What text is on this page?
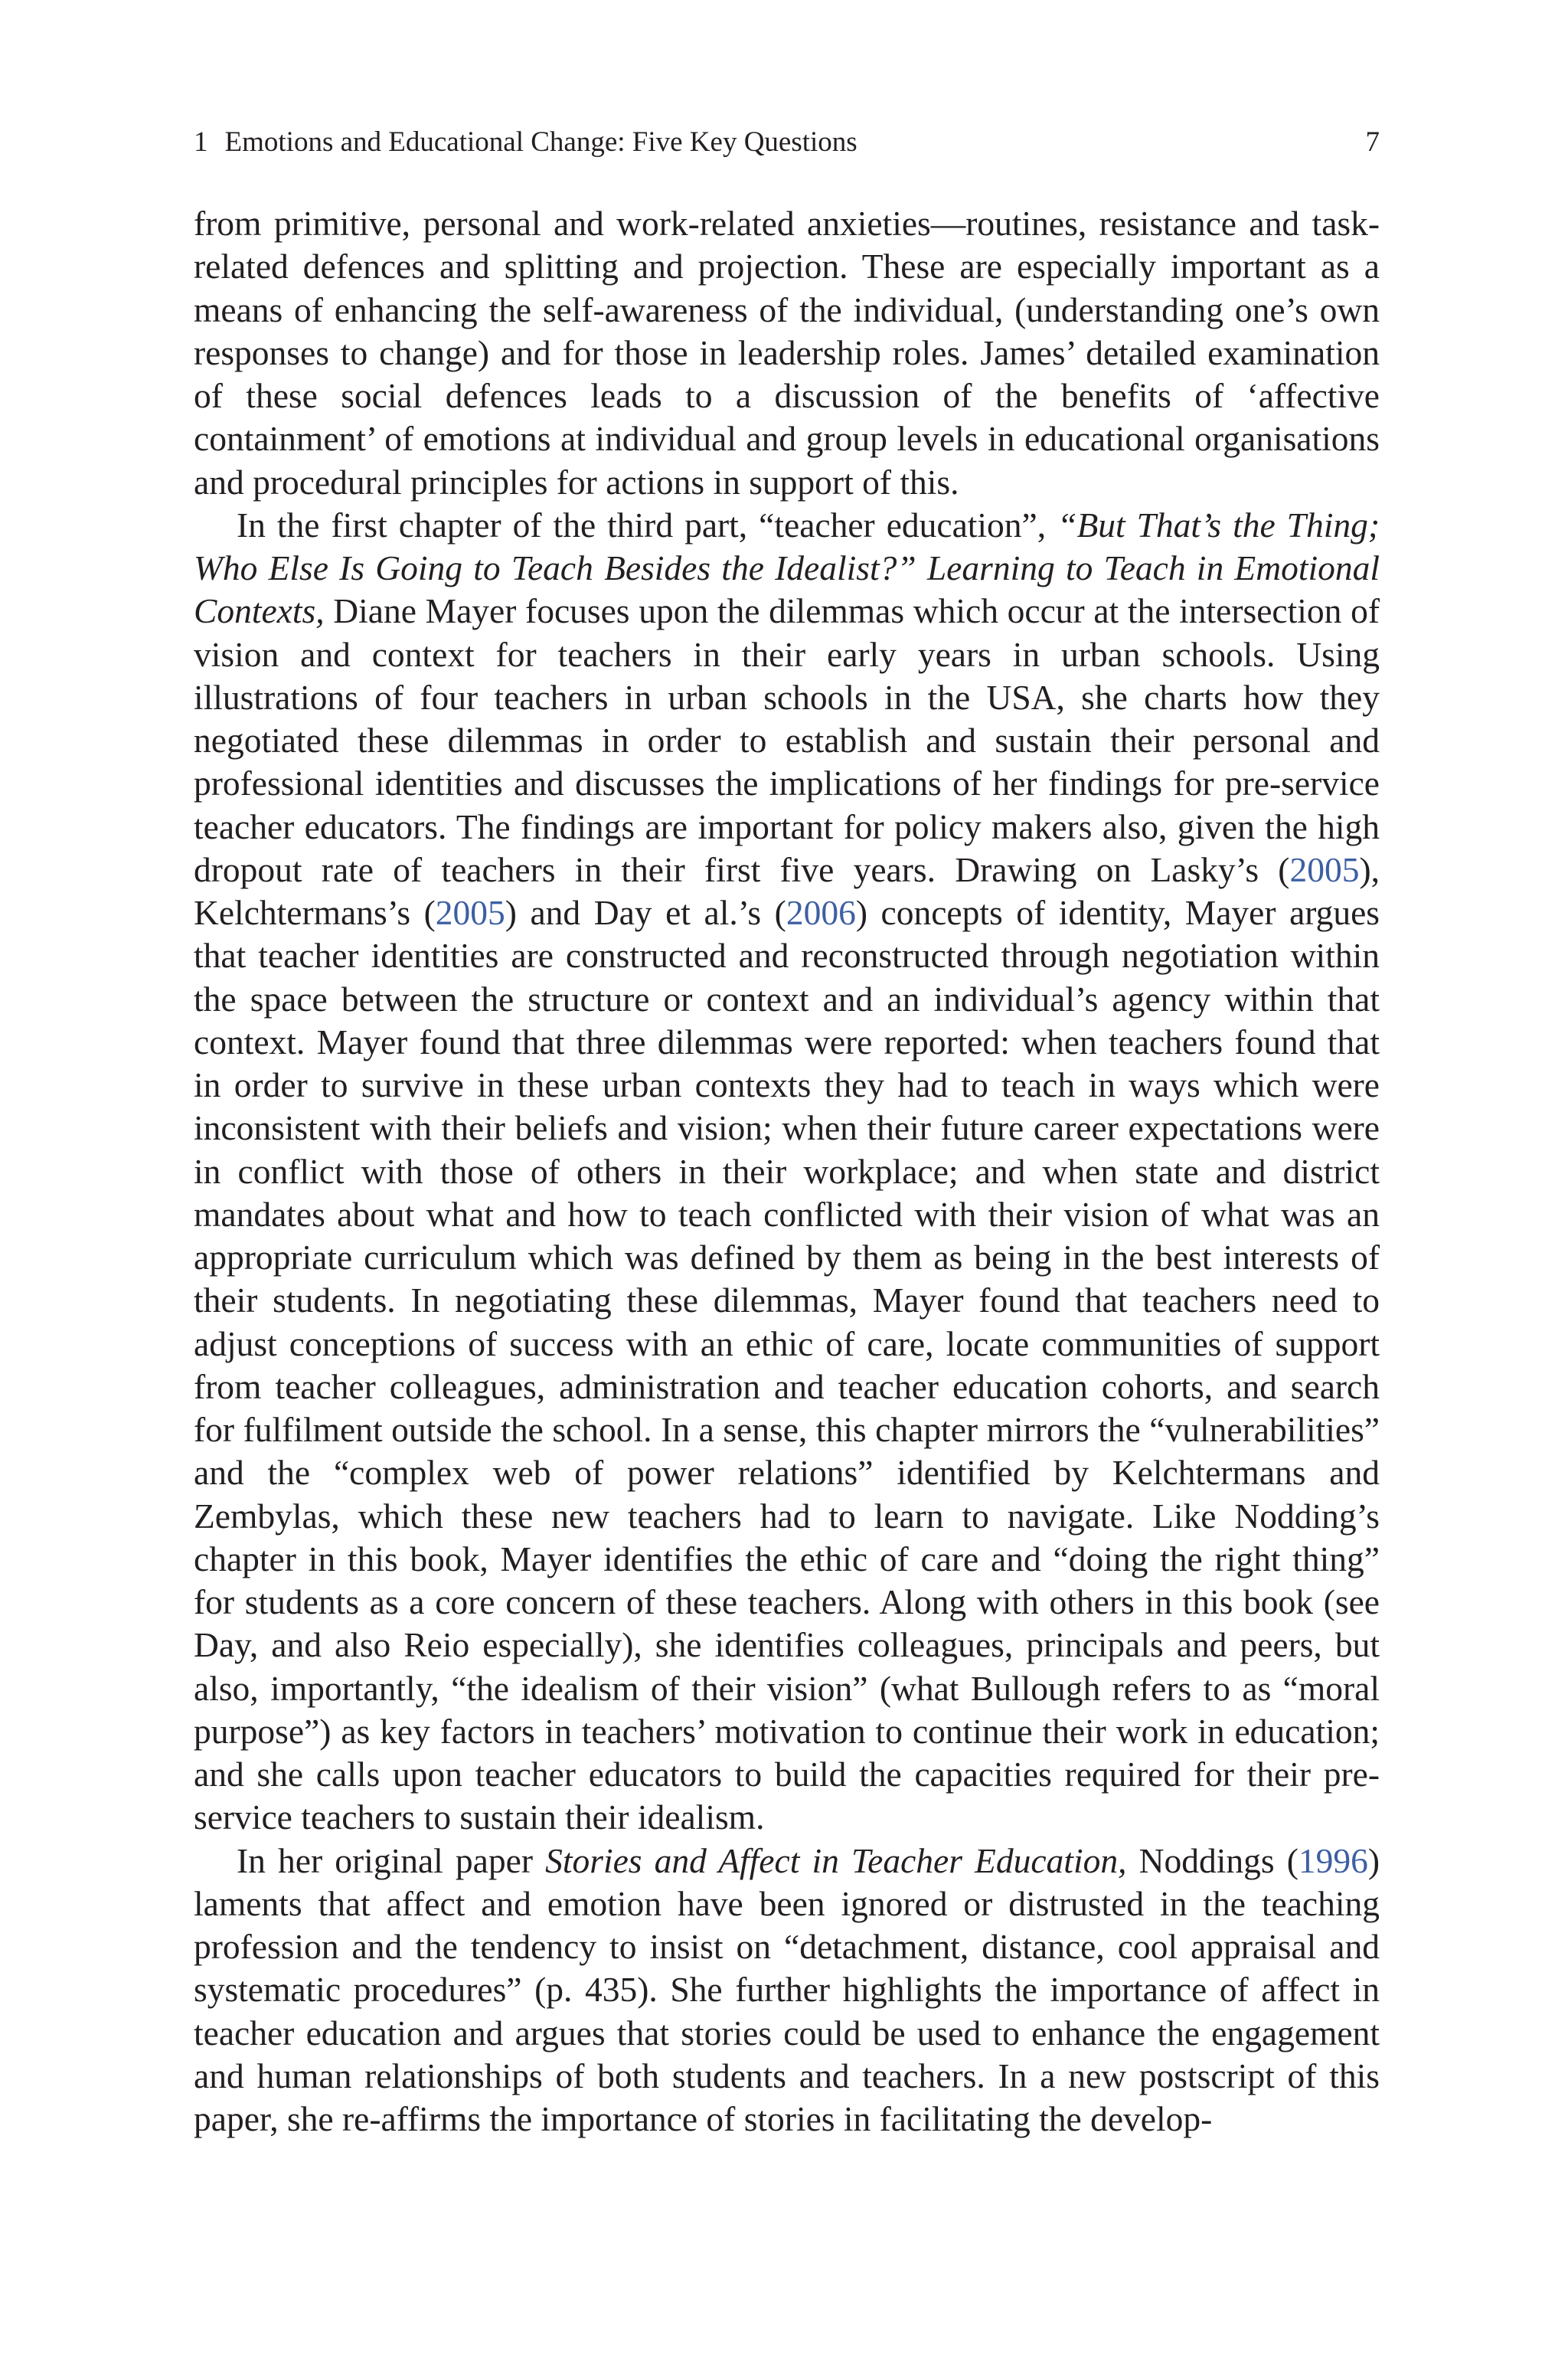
1 Emotions and Educational Change: Five Key Questions	7

from primitive, personal and work-related anxieties—routines, resistance and task-related defences and splitting and projection. These are especially important as a means of enhancing the self-awareness of the individual, (understanding one’s own responses to change) and for those in leadership roles. James’ detailed examination of these social defences leads to a discussion of the benefits of ‘affective containment’ of emotions at individual and group levels in educational organisations and procedural principles for actions in support of this.

In the first chapter of the third part, “teacher education”, “But That’s the Thing; Who Else Is Going to Teach Besides the Idealist?” Learning to Teach in Emotional Contexts, Diane Mayer focuses upon the dilemmas which occur at the intersection of vision and context for teachers in their early years in urban schools. Using illustrations of four teachers in urban schools in the USA, she charts how they negotiated these dilemmas in order to establish and sustain their personal and professional identities and discusses the implications of her findings for pre-service teacher educators. The findings are important for policy makers also, given the high dropout rate of teachers in their first five years. Drawing on Lasky’s (2005), Kelchtermans’s (2005) and Day et al.’s (2006) concepts of identity, Mayer argues that teacher identities are constructed and reconstructed through negotiation within the space between the structure or context and an individual’s agency within that context. Mayer found that three dilemmas were reported: when teachers found that in order to survive in these urban contexts they had to teach in ways which were inconsistent with their beliefs and vision; when their future career expectations were in conflict with those of others in their workplace; and when state and district mandates about what and how to teach conflicted with their vision of what was an appropriate curriculum which was defined by them as being in the best interests of their students. In negotiating these dilemmas, Mayer found that teachers need to adjust conceptions of success with an ethic of care, locate communities of support from teacher colleagues, administration and teacher education cohorts, and search for fulfilment outside the school. In a sense, this chapter mirrors the “vulnerabilities” and the “complex web of power relations” identified by Kelchtermans and Zembylas, which these new teachers had to learn to navigate. Like Nodding’s chapter in this book, Mayer identifies the ethic of care and “doing the right thing” for students as a core concern of these teachers. Along with others in this book (see Day, and also Reio especially), she identifies colleagues, principals and peers, but also, importantly, “the idealism of their vision” (what Bullough refers to as “moral purpose”) as key factors in teachers’ motivation to continue their work in education; and she calls upon teacher educators to build the capacities required for their pre-service teachers to sustain their idealism.

In her original paper Stories and Affect in Teacher Education, Noddings (1996) laments that affect and emotion have been ignored or distrusted in the teaching profession and the tendency to insist on “detachment, distance, cool appraisal and systematic procedures” (p. 435). She further highlights the importance of affect in teacher education and argues that stories could be used to enhance the engagement and human relationships of both students and teachers. In a new postscript of this paper, she re-affirms the importance of stories in facilitating the develop-
